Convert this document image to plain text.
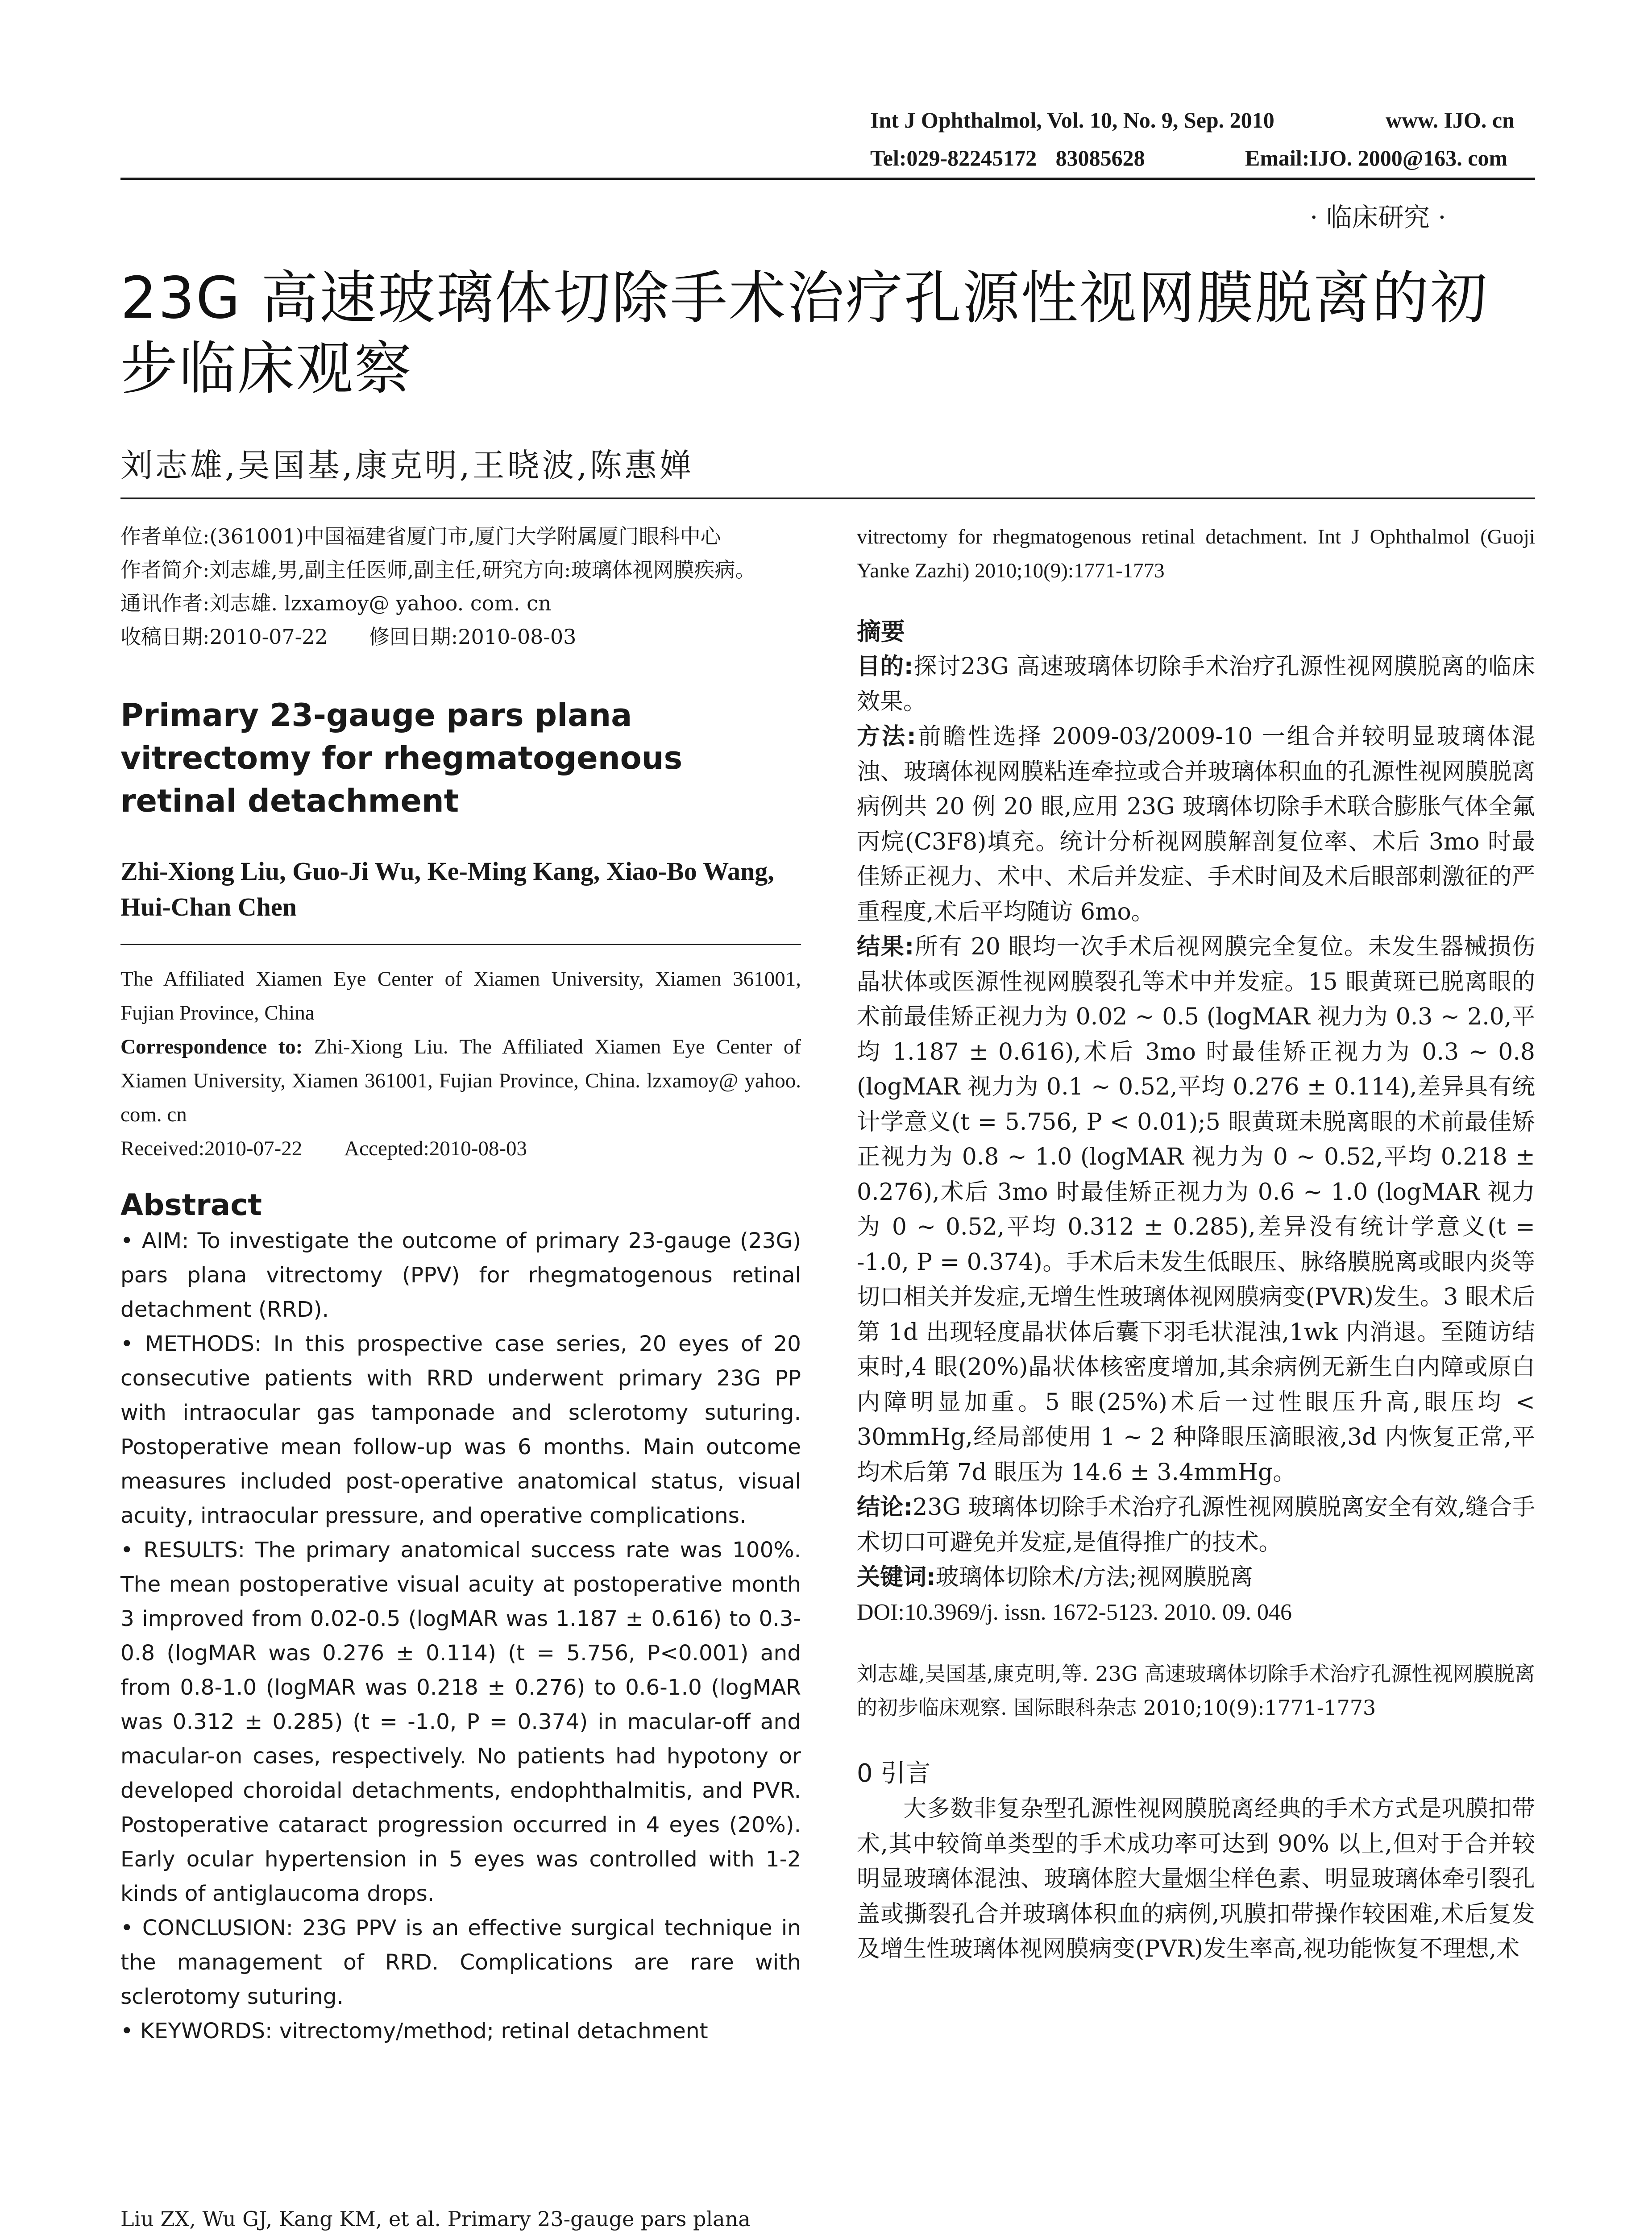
Int J Ophthalmol, Vol. 10, No. 9, Sep. 2010	www. IJO. cn
Tel:029-82245172 83085628	Email:IJO. 2000@163. com
· 临床研究 ·
23G 高速玻璃体切除手术治疗孔源性视网膜脱离的初步临床观察
刘志雄,吴国基,康克明,王晓波,陈惠婵
作者单位:(361001)中国福建省厦门市,厦门大学附属厦门眼科中心
作者简介:刘志雄,男,副主任医师,副主任,研究方向:玻璃体视网膜疾病。
通讯作者:刘志雄. lzxamoy@ yahoo. com. cn
收稿日期:2010-07-22　　修回日期:2010-08-03
Primary 23-gauge pars plana vitrectomy for rhegmatogenous retinal detachment
Zhi-Xiong Liu, Guo-Ji Wu, Ke-Ming Kang, Xiao-Bo Wang, Hui-Chan Chen
The Affiliated Xiamen Eye Center of Xiamen University, Xiamen 361001, Fujian Province, China
Correspondence to: Zhi-Xiong Liu. The Affiliated Xiamen Eye Center of Xiamen University, Xiamen 361001, Fujian Province, China. lzxamoy@ yahoo. com. cn
Received:2010-07-22　　Accepted:2010-08-03
Abstract

• AIM: To investigate the outcome of primary 23-gauge (23G) pars plana vitrectomy (PPV) for rhegmatogenous retinal detachment (RRD).

• METHODS: In this prospective case series, 20 eyes of 20 consecutive patients with RRD underwent primary 23G PP with intraocular gas tamponade and sclerotomy suturing. Postoperative mean follow-up was 6 months. Main outcome measures included post-operative anatomical status, visual acuity, intraocular pressure, and operative complications.

• RESULTS: The primary anatomical success rate was 100%. The mean postoperative visual acuity at postoperative month 3 improved from 0.02-0.5 (logMAR was 1.187 ± 0.616) to 0.3-0.8 (logMAR was 0.276 ± 0.114) (t = 5.756, P<0.001) and from 0.8-1.0 (logMAR was 0.218 ± 0.276) to 0.6-1.0 (logMAR was 0.312 ± 0.285) (t = -1.0, P = 0.374) in macular-off and macular-on cases, respectively. No patients had hypotony or developed choroidal detachments, endophthalmitis, and PVR. Postoperative cataract progression occurred in 4 eyes (20%). Early ocular hypertension in 5 eyes was controlled with 1-2 kinds of antiglaucoma drops.

• CONCLUSION: 23G PPV is an effective surgical technique in the management of RRD. Complications are rare with sclerotomy suturing.

• KEYWORDS: vitrectomy/method; retinal detachment

Liu ZX, Wu GJ, Kang KM, et al. Primary 23-gauge pars plana
vitrectomy for rhegmatogenous retinal detachment. Int J Ophthalmol (Guoji Yanke Zazhi) 2010;10(9):1771-1773
摘要

目的:探讨23G 高速玻璃体切除手术治疗孔源性视网膜脱离的临床效果。

方法:前瞻性选择 2009-03/2009-10 一组合并较明显玻璃体混浊、玻璃体视网膜粘连牵拉或合并玻璃体积血的孔源性视网膜脱离病例共 20 例 20 眼,应用 23G 玻璃体切除手术联合膨胀气体全氟丙烷(C3F8)填充。统计分析视网膜解剖复位率、术后 3mo 时最佳矫正视力、术中、术后并发症、手术时间及术后眼部刺激征的严重程度,术后平均随访 6mo。

结果:所有 20 眼均一次手术后视网膜完全复位。未发生器械损伤晶状体或医源性视网膜裂孔等术中并发症。15 眼黄斑已脱离眼的术前最佳矫正视力为 0.02 ~ 0.5 (logMAR 视力为 0.3 ~ 2.0,平均 1.187 ± 0.616),术后 3mo 时最佳矫正视力为 0.3 ~ 0.8 (logMAR 视力为 0.1 ~ 0.52,平均 0.276 ± 0.114),差异具有统计学意义(t = 5.756, P < 0.01);5 眼黄斑未脱离眼的术前最佳矫正视力为 0.8 ~ 1.0 (logMAR 视力为 0 ~ 0.52,平均 0.218 ± 0.276),术后 3mo 时最佳矫正视力为 0.6 ~ 1.0 (logMAR 视力为 0 ~ 0.52,平均 0.312 ± 0.285),差异没有统计学意义(t = -1.0, P = 0.374)。手术后未发生低眼压、脉络膜脱离或眼内炎等切口相关并发症,无增生性玻璃体视网膜病变(PVR)发生。3 眼术后第 1d 出现轻度晶状体后囊下羽毛状混浊,1wk 内消退。至随访结束时,4 眼(20%)晶状体核密度增加,其余病例无新生白内障或原白内障明显加重。5 眼(25%)术后一过性眼压升高,眼压均 < 30mmHg,经局部使用 1 ~ 2 种降眼压滴眼液,3d 内恢复正常,平均术后第 7d 眼压为 14.6 ± 3.4mmHg。

结论:23G 玻璃体切除手术治疗孔源性视网膜脱离安全有效,缝合手术切口可避免并发症,是值得推广的技术。

关键词:玻璃体切除术/方法;视网膜脱离

DOI:10.3969/j. issn. 1672-5123. 2010. 09. 046
刘志雄,吴国基,康克明,等. 23G 高速玻璃体切除手术治疗孔源性视网膜脱离的初步临床观察. 国际眼科杂志 2010;10(9):1771-1773
0 引言

大多数非复杂型孔源性视网膜脱离经典的手术方式是巩膜扣带术,其中较简单类型的手术成功率可达到 90% 以上,但对于合并较明显玻璃体混浊、玻璃体腔大量烟尘样色素、明显玻璃体牵引裂孔盖或撕裂孔合并玻璃体积血的病例,巩膜扣带操作较困难,术后复发及增生性玻璃体视网膜病变(PVR)发生率高,视功能恢复不理想,术
